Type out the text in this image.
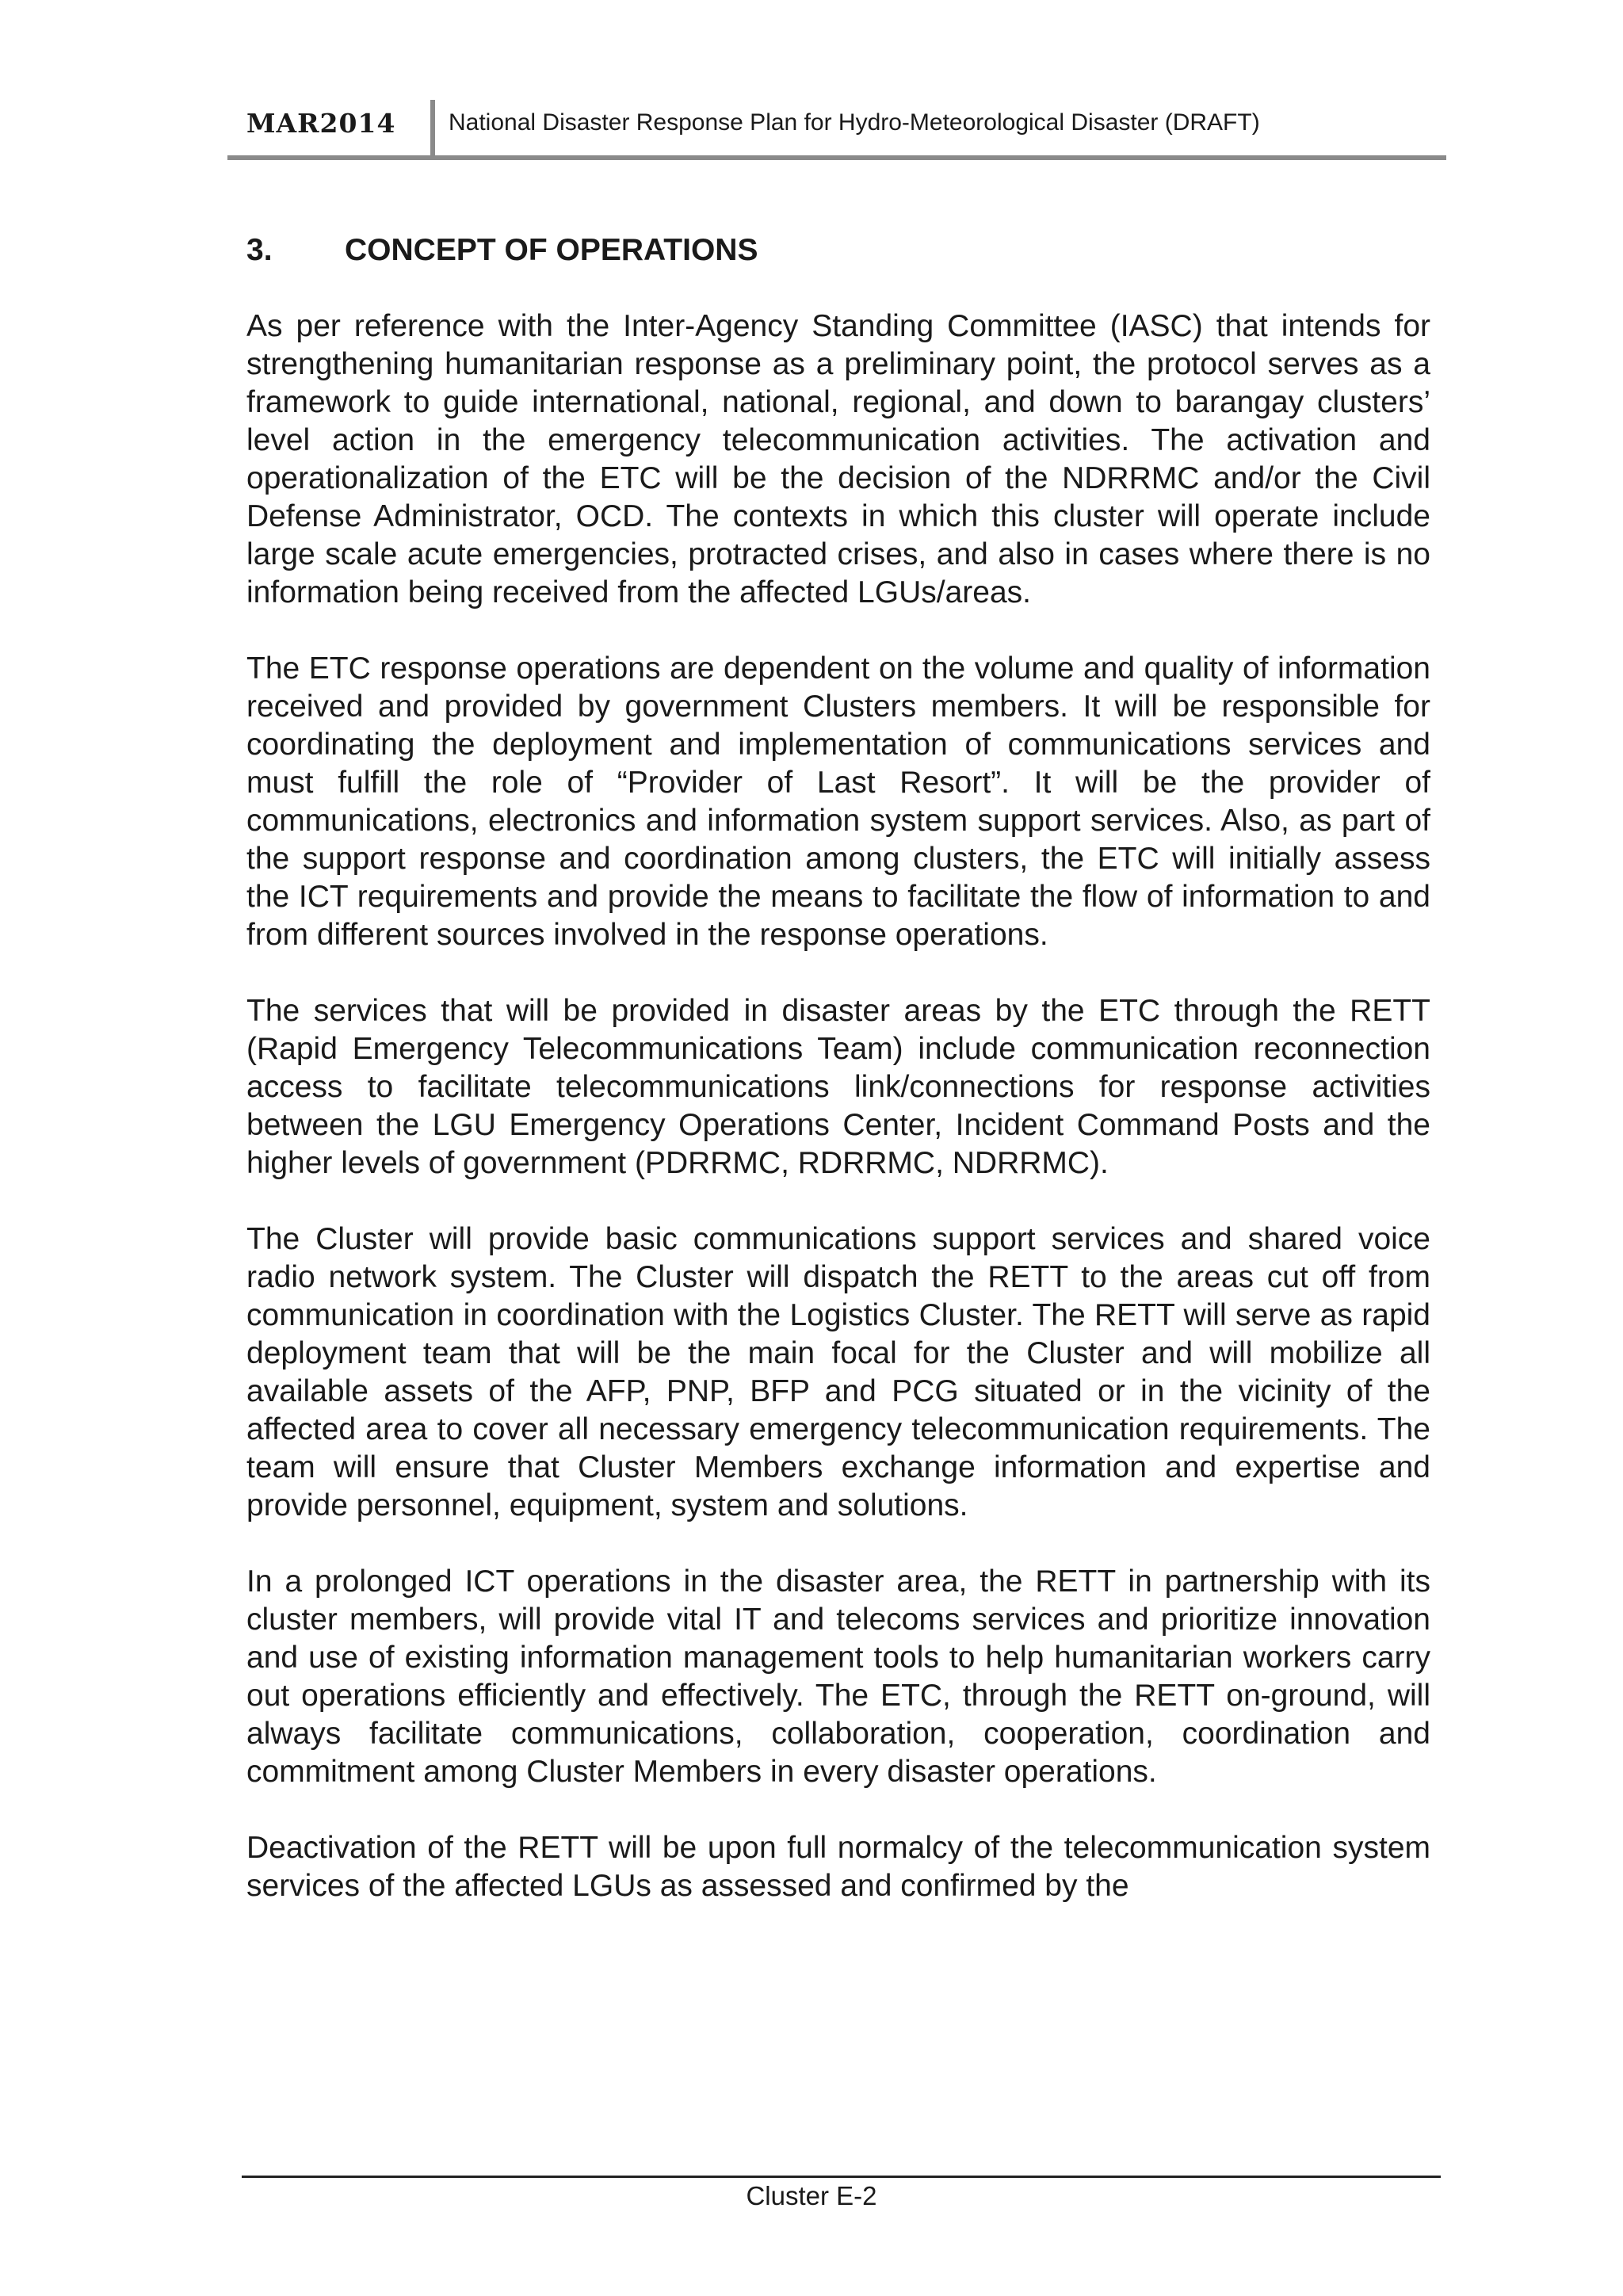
MAR2014 National Disaster Response Plan for Hydro-Meteorological Disaster (DRAFT)
3. CONCEPT OF OPERATIONS

As per reference with the Inter-Agency Standing Committee (IASC) that intends for strengthening humanitarian response as a preliminary point, the protocol serves as a framework to guide international, national, regional, and down to barangay clusters’ level action in the emergency telecommunication activities. The activation and operationalization of the ETC will be the decision of the NDRRMC and/or the Civil Defense Administrator, OCD. The contexts in which this cluster will operate include large scale acute emergencies, protracted crises, and also in cases where there is no information being received from the affected LGUs/areas.

The ETC response operations are dependent on the volume and quality of information received and provided by government Clusters members. It will be responsible for coordinating the deployment and implementation of communications services and must fulfill the role of “Provider of Last Resort”. It will be the provider of communications, electronics and information system support services. Also, as part of the support response and coordination among clusters, the ETC will initially assess the ICT requirements and provide the means to facilitate the flow of information to and from different sources involved in the response operations.

The services that will be provided in disaster areas by the ETC through the RETT (Rapid Emergency Telecommunications Team) include communication reconnection access to facilitate telecommunications link/connections for response activities between the LGU Emergency Operations Center, Incident Command Posts and the higher levels of government (PDRRMC, RDRRMC, NDRRMC).

The Cluster will provide basic communications support services and shared voice radio network system. The Cluster will dispatch the RETT to the areas cut off from communication in coordination with the Logistics Cluster. The RETT will serve as rapid deployment team that will be the main focal for the Cluster and will mobilize all available assets of the AFP, PNP, BFP and PCG situated or in the vicinity of the affected area to cover all necessary emergency telecommunication requirements. The team will ensure that Cluster Members exchange information and expertise and provide personnel, equipment, system and solutions.

In a prolonged ICT operations in the disaster area, the RETT in partnership with its cluster members, will provide vital IT and telecoms services and prioritize innovation and use of existing information management tools to help humanitarian workers carry out operations efficiently and effectively. The ETC, through the RETT on-ground, will always facilitate communications, collaboration, cooperation, coordination and commitment among Cluster Members in every disaster operations.

Deactivation of the RETT will be upon full normalcy of the telecommunication system services of the affected LGUs as assessed and confirmed by the

Cluster E-2
